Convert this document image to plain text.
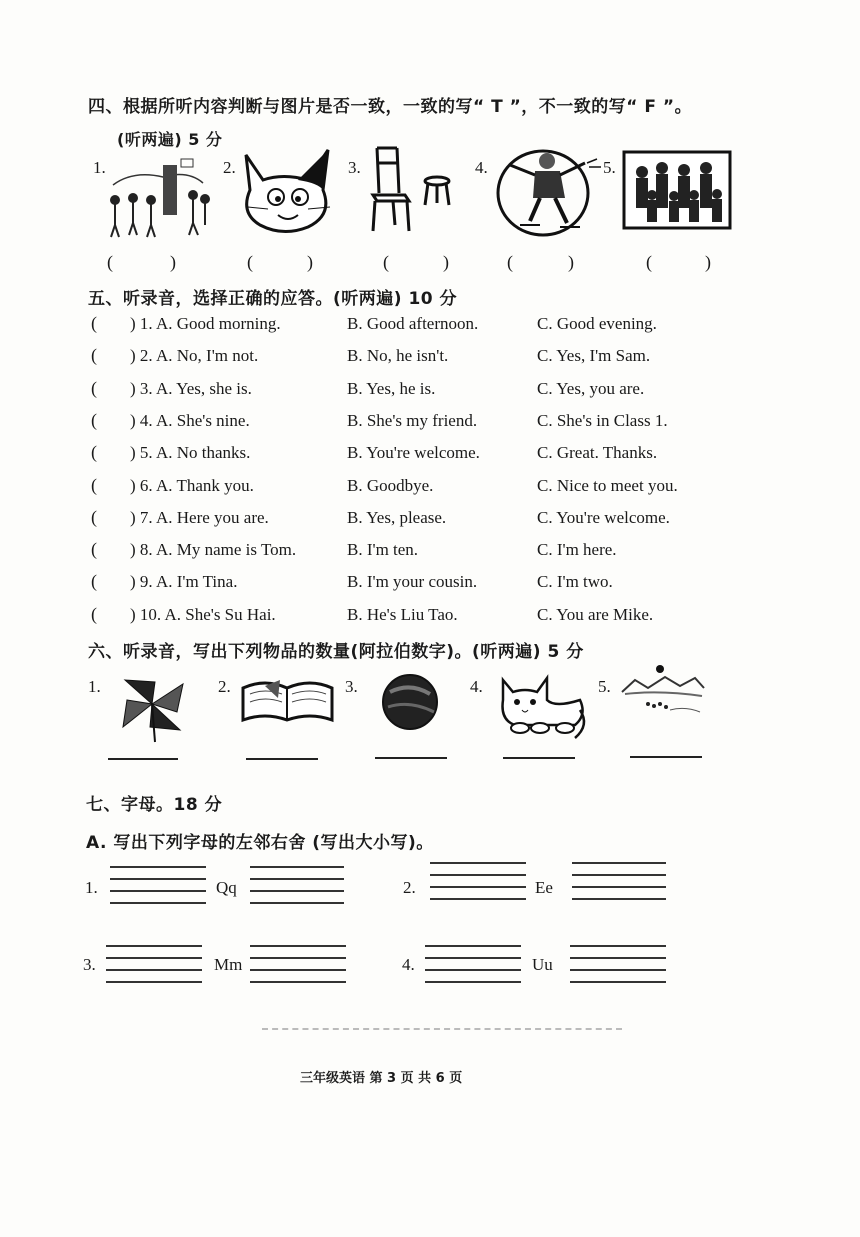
四、根据所听内容判断与图片是否一致，一致的写“ T ”，不一致的写“ F ”。
(听两遍) 5 分
1.	2.	3.	4.	5.
(	)	(	)	(	)	(	)	(	)
五、听录音，选择正确的应答。(听两遍) 10 分
( ) 1. A. Good morning.	B. Good afternoon.	C. Good evening.
( ) 2. A. No, I'm not.	B. No, he isn't.	C. Yes, I'm Sam.
( ) 3. A. Yes, she is.	B. Yes, he is.	C. Yes, you are.
( ) 4. A. She's nine.	B. She's my friend.	C. She's in Class 1.
( ) 5. A. No thanks.	B. You're welcome.	C. Great. Thanks.
( ) 6. A. Thank you.	B. Goodbye.	C. Nice to meet you.
( ) 7. A. Here you are.	B. Yes, please.	C. You're welcome.
( ) 8. A. My name is Tom.	B. I'm ten.	C. I'm here.
( ) 9. A. I'm Tina.	B. I'm your cousin.	C. I'm two.
( ) 10. A. She's Su Hai.	B. He's Liu Tao.	C. You are Mike.
六、听录音，写出下列物品的数量(阿拉伯数字)。(听两遍) 5 分
1.	2.	3.	4.	5.
七、字母。18 分
A. 写出下列字母的左邻右舍 (写出大小写)。
1.	Qq	2.	Ee
3.	Mm	4.	Uu
三年级英语 第 3 页 共 6 页
